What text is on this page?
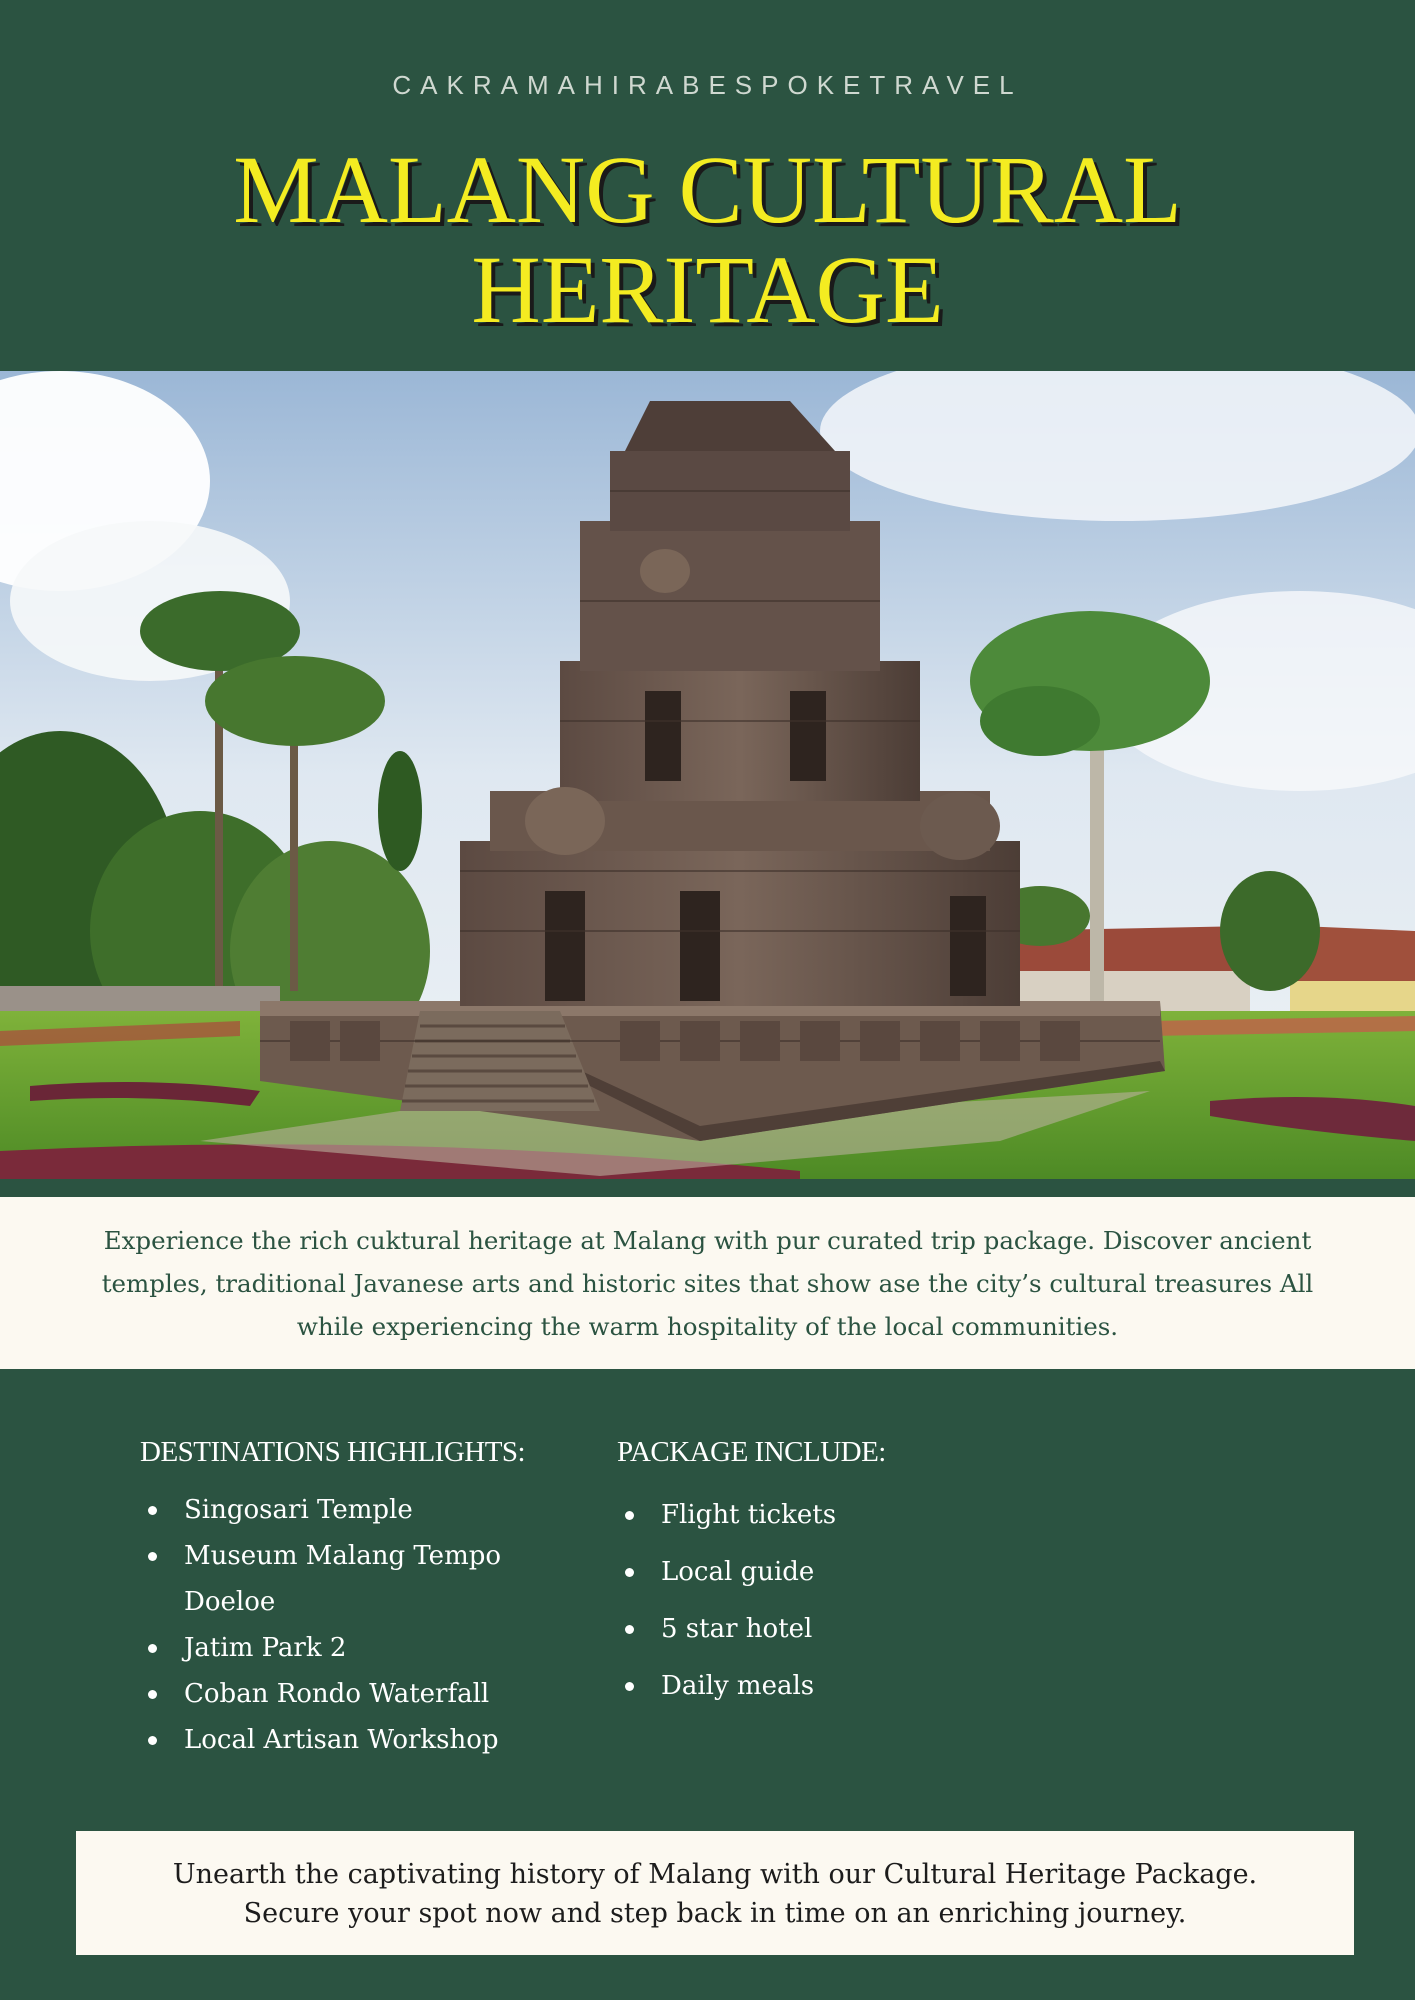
CAKRAMAHIRABESPOKETRAVEL
MALANG CULTURAL
HERITAGE

Experience the rich cuktural heritage at Malang with pur curated trip package. Discover ancient temples, traditional Javanese arts and historic sites that show ase the city’s cultural treasures All while experiencing the warm hospitality of the local communities.

DESTINATIONS HIGHLIGHTS:
Singosari Temple
Museum Malang Tempo Doeloe
Jatim Park 2
Coban Rondo Waterfall
Local Artisan Workshop
PACKAGE INCLUDE:
Flight tickets
Local guide
5 star hotel
Daily meals

Unearth the captivating history of Malang with our Cultural Heritage Package.

Secure your spot now and step back in time on an enriching journey.
